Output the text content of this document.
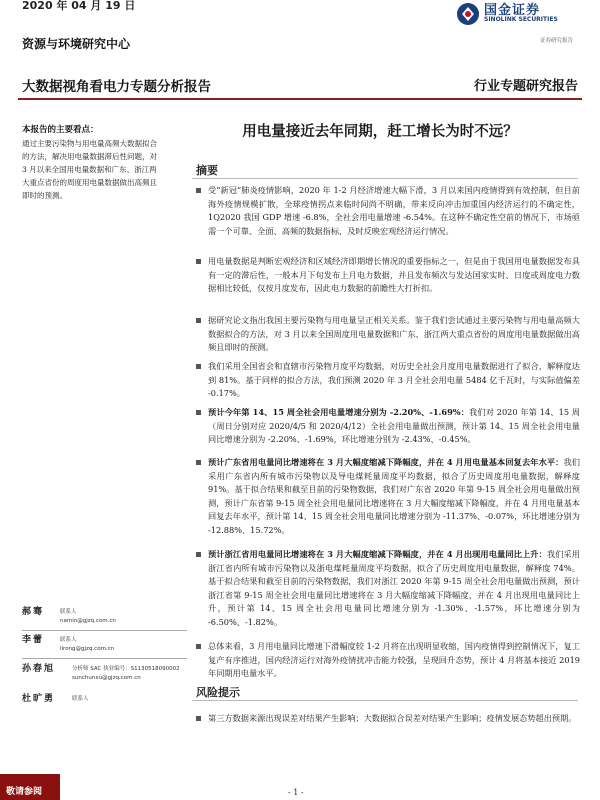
2020 年 04 月 19 日	国金证券
SINOLINK SECURITIES
证券研究报告
资源与环境研究中心
大数据视角看电力专题分析报告	行业专题研究报告
本报告的主要看点：
通过主要污染物与用电量高频大数据拟合的方法，解决用电量数据滞后性问题，对 3 月以来全国用电量数据和广东、浙江两大重点省份的周度用电量数据做出高频且即时的预测。
郝骞	联系人
namin@gjzq.com.cn
李蕾	联系人
lirong@gjzq.com.cn
孙春旭	分析师 SAC 执业编号：S1130518090002
sunchunxu@gjzq.com.cn
杜旷勇	联系人
用电量接近去年同期，赶工增长为时不远？
摘要
受“新冠”肺炎疫情影响，2020 年 1-2 月经济增速大幅下滑，3 月以来国内疫情得到有效控制，但目前海外疫情规模扩散，全球疫情拐点来临时间尚不明确，带来反向冲击加重国内经济运行的不确定性，1Q2020 我国 GDP 增速 -6.8%，全社会用电量增速 -6.54%。在这种不确定性空前的情况下，市场亟需一个可靠、全面、高频的数据指标，及时反映宏观经济运行情况。
用电量数据是判断宏观经济和区域经济即期增长情况的重要指标之一，但是由于我国用电量数据发布具有一定的滞后性，一般本月下旬发布上月电力数据，并且发布频次与发达国家实时、日度或周度电力数据相比较低，仅按月度发布，因此电力数据的前瞻性大打折扣。
据研究论文指出我国主要污染物与用电量呈正相关关系。鉴于我们尝试通过主要污染物与用电量高频大数据拟合的方法，对 3 月以来全国周度用电量数据和广东、浙江两大重点省份的周度用电量数据做出高频且即时的预测。
我们采用全国省会和直辖市污染物月度平均数据，对历史全社会月度用电量数据进行了拟合，解释度达到 81%。基于同样的拟合方法，我们预测 2020 年 3 月全社会用电量 5484 亿千瓦时，与实际值偏差 -0.17%。
预计今年第 14、15 周全社会用电量增速分别为 -2.20%、-1.69%：我们对 2020 年第 14、15 周（周日分别对应 2020/4/5 和 2020/4/12）全社会用电量做出预测，预计第 14、15 周全社会用电量同比增速分别为 -2.20%、-1.69%，环比增速分别为 -2.43%、-0.45%。
预计广东省用电量同比增速将在 3 月大幅度缩减下降幅度，并在 4 月用电量基本回复去年水平：我们采用广东省内所有城市污染物以及导电煤耗量周度平均数据，拟合了历史周度用电量数据，解释度 91%。基于拟合结果和截至目前的污染物数据，我们对广东省 2020 年第 9-15 周全社会用电量做出预测，预计广东省第 9-15 周全社会用电量同比增速将在 3 月大幅度缩减下降幅度，并在 4 月用电量基本回复去年水平，预计第 14、15 周全社会用电量同比增速分别为 -11.37%、-0.07%，环比增速分别为 -12.88%、15.72%。
预计浙江省用电量同比增速将在 3 月大幅度缩减下降幅度，并在 4 月出现用电量同比上升：我们采用浙江省内所有城市污染物以及浙电煤耗量周度平均数据，拟合了历史周度用电量数据，解释度 74%。基于拟合结果和截至目前的污染物数据，我们对浙江 2020 年第 9-15 周全社会用电量做出预测，预计浙江省第 9-15 周全社会用电量同比增速将在 3 月大幅度缩减下降幅度，并在 4 月出现用电量同比上升，预计第 14、15 周全社会用电量同比增速分别为 -1.30%、-1.57%，环比增速分别为 -6.50%、-1.82%。
总体来看，3 月用电量同比增速下滑幅度较 1-2 月将在出现明显收缩，国内疫情得到控制情况下，复工复产有序推进，国内经济运行对海外疫情扰冲击能力较强，呈现回升态势，预计 4 月将基本接近 2019 年同期用电量水平。
风险提示
第三方数据来源出现误差对结果产生影响；大数据拟合误差对结果产生影响；疫情发展态势超出预期。
敬请参阅	- 1 -
